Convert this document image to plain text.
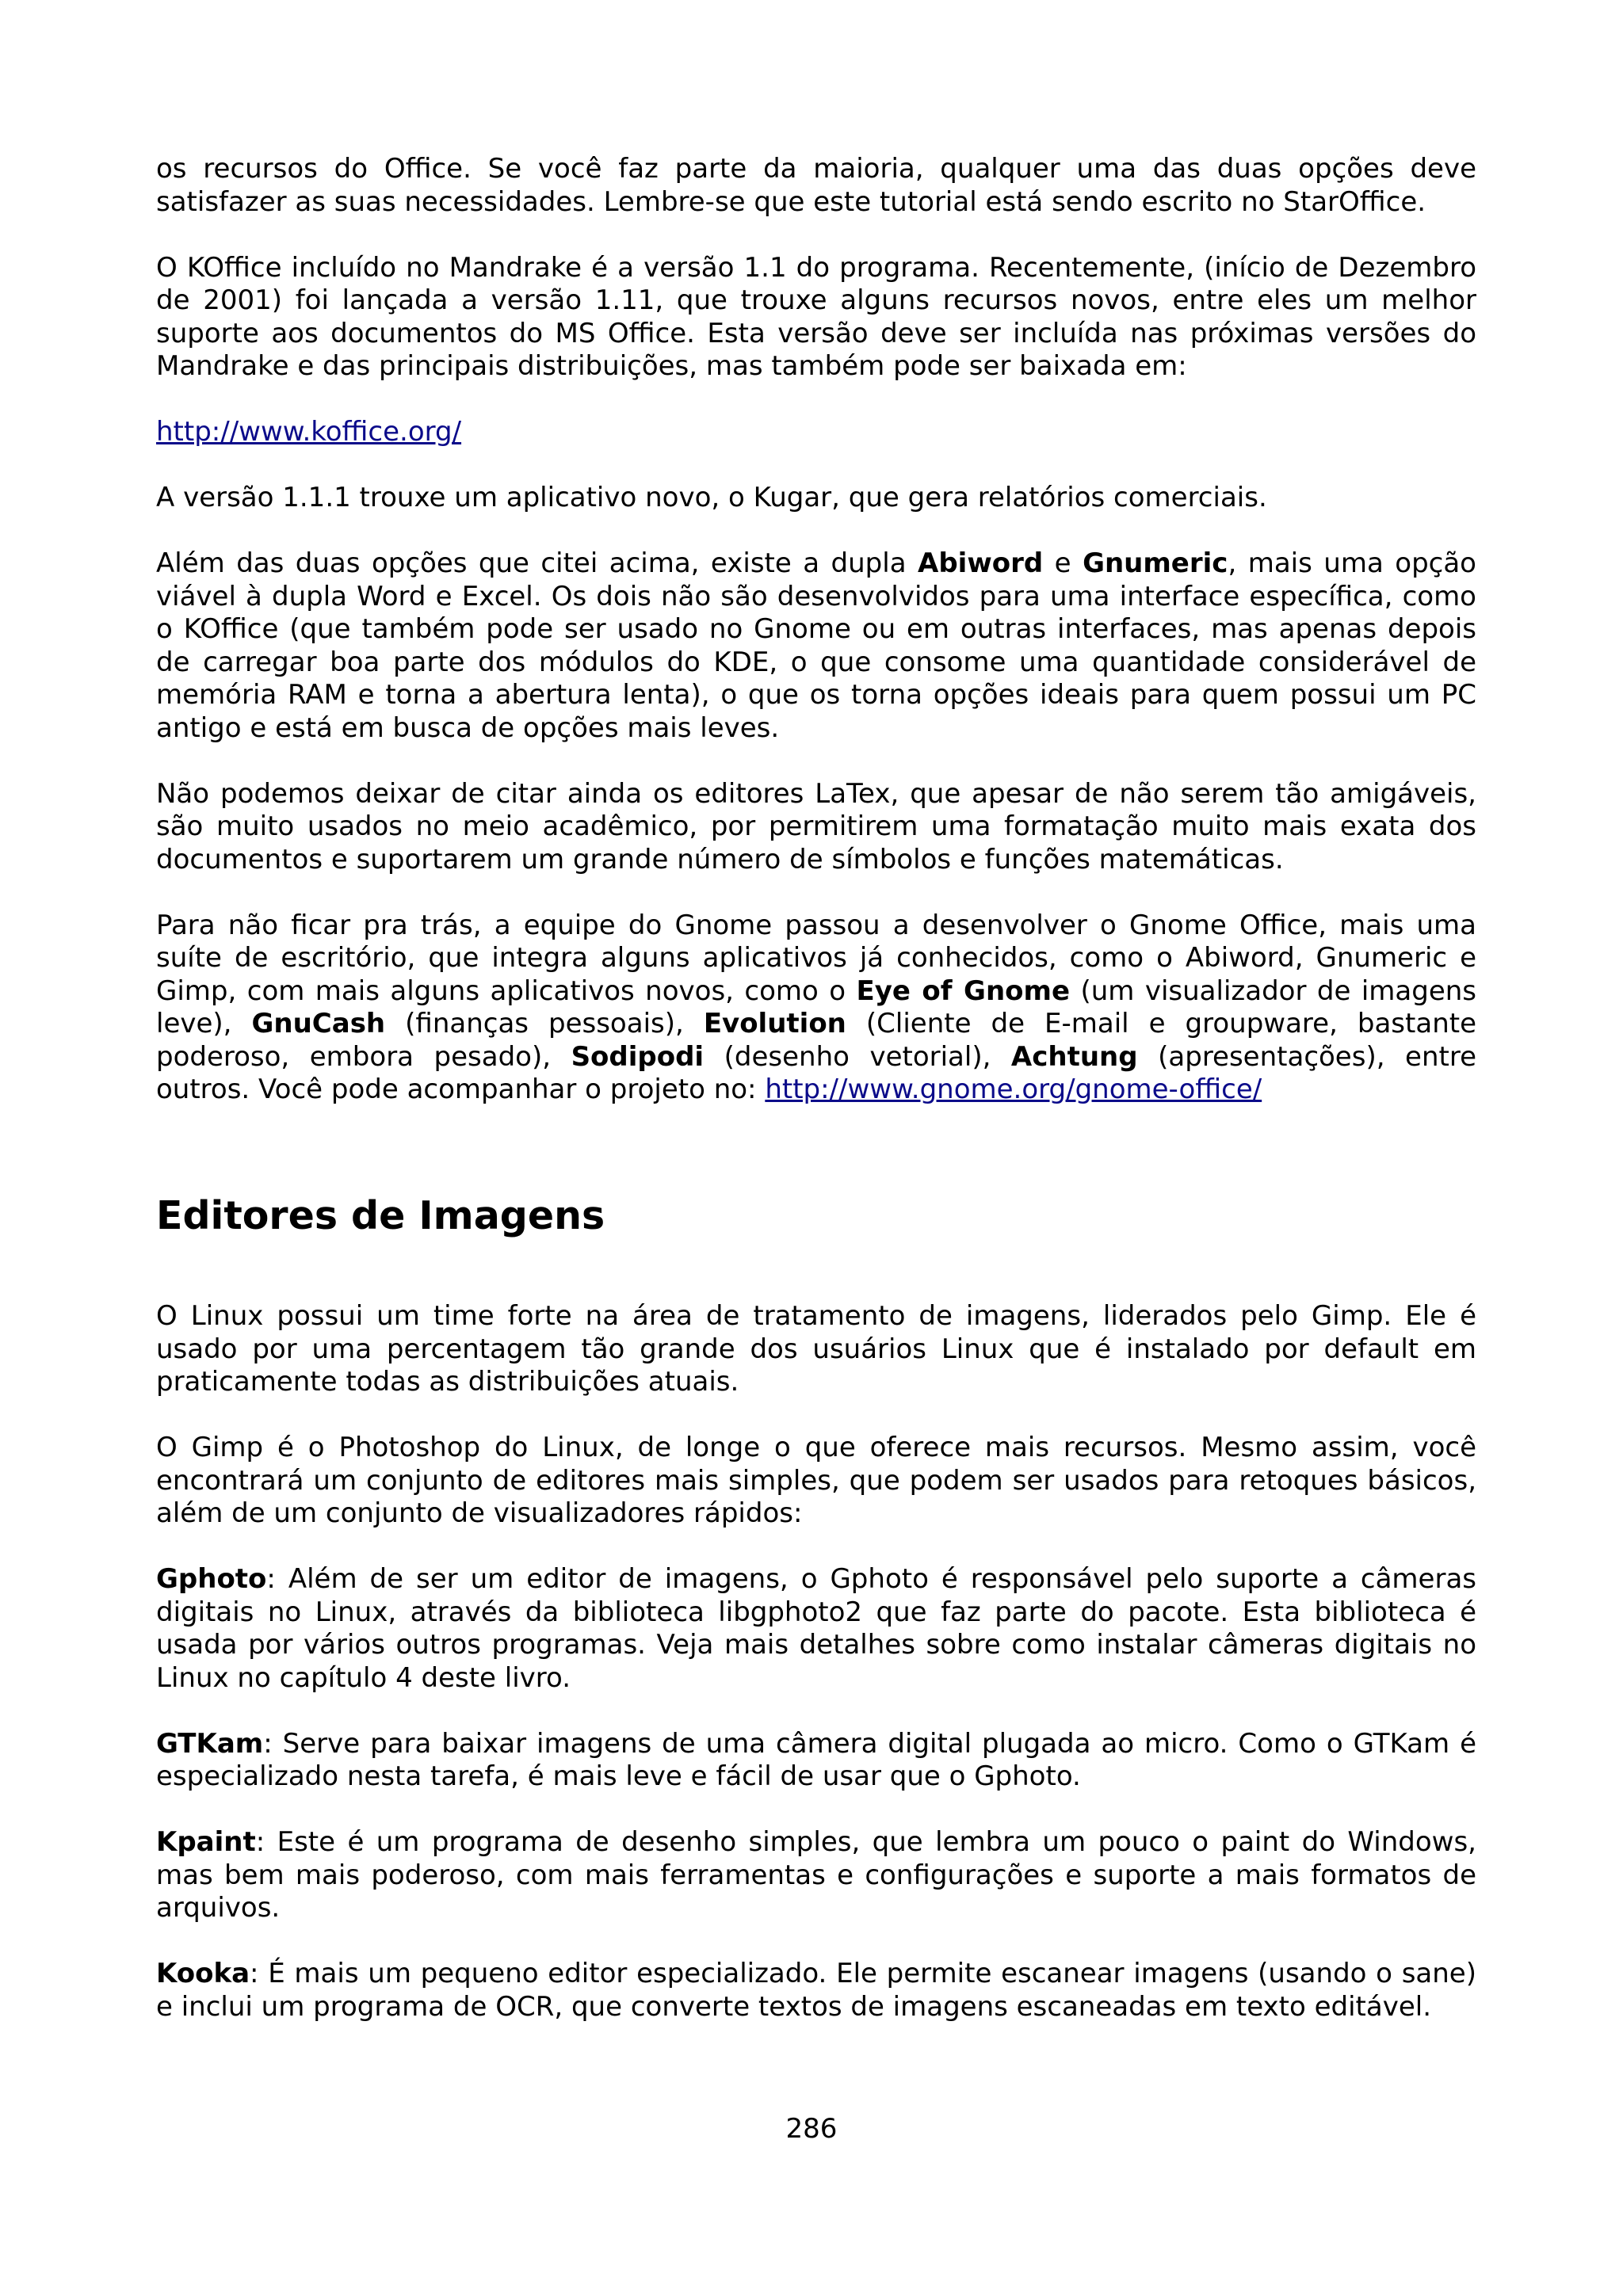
os recursos do Office. Se você faz parte da maioria, qualquer uma das duas opções deve satisfazer as suas necessidades. Lembre-se que este tutorial está sendo escrito no StarOffice.

O KOffice incluído no Mandrake é a versão 1.1 do programa. Recentemente, (início de Dezembro de 2001) foi lançada a versão 1.11, que trouxe alguns recursos novos, entre eles um melhor suporte aos documentos do MS Office. Esta versão deve ser incluída nas próximas versões do Mandrake e das principais distribuições, mas também pode ser baixada em:

http://www.koffice.org/

A versão 1.1.1 trouxe um aplicativo novo, o Kugar, que gera relatórios comerciais.

Além das duas opções que citei acima, existe a dupla Abiword e Gnumeric, mais uma opção viável à dupla Word e Excel. Os dois não são desenvolvidos para uma interface específica, como o KOffice (que também pode ser usado no Gnome ou em outras interfaces, mas apenas depois de carregar boa parte dos módulos do KDE, o que consome uma quantidade considerável de memória RAM e torna a abertura lenta), o que os torna opções ideais para quem possui um PC antigo e está em busca de opções mais leves.

Não podemos deixar de citar ainda os editores LaTex, que apesar de não serem tão amigáveis, são muito usados no meio acadêmico, por permitirem uma formatação muito mais exata dos documentos e suportarem um grande número de símbolos e funções matemáticas.

Para não ficar pra trás, a equipe do Gnome passou a desenvolver o Gnome Office, mais uma suíte de escritório, que integra alguns aplicativos já conhecidos, como o Abiword, Gnumeric e Gimp, com mais alguns aplicativos novos, como o Eye of Gnome (um visualizador de imagens leve), GnuCash (finanças pessoais), Evolution (Cliente de E-mail e groupware, bastante poderoso, embora pesado), Sodipodi (desenho vetorial), Achtung (apresentações), entre outros. Você pode acompanhar o projeto no: http://www.gnome.org/gnome-office/

Editores de Imagens

O Linux possui um time forte na área de tratamento de imagens, liderados pelo Gimp. Ele é usado por uma percentagem tão grande dos usuários Linux que é instalado por default em praticamente todas as distribuições atuais.

O Gimp é o Photoshop do Linux, de longe o que oferece mais recursos. Mesmo assim, você encontrará um conjunto de editores mais simples, que podem ser usados para retoques básicos, além de um conjunto de visualizadores rápidos:

Gphoto: Além de ser um editor de imagens, o Gphoto é responsável pelo suporte a câmeras digitais no Linux, através da biblioteca libgphoto2 que faz parte do pacote. Esta biblioteca é usada por vários outros programas. Veja mais detalhes sobre como instalar câmeras digitais no Linux no capítulo 4 deste livro.

GTKam: Serve para baixar imagens de uma câmera digital plugada ao micro. Como o GTKam é especializado nesta tarefa, é mais leve e fácil de usar que o Gphoto.

Kpaint: Este é um programa de desenho simples, que lembra um pouco o paint do Windows, mas bem mais poderoso, com mais ferramentas e configurações e suporte a mais formatos de arquivos.

Kooka: É mais um pequeno editor especializado. Ele permite escanear imagens (usando o sane) e inclui um programa de OCR, que converte textos de imagens escaneadas em texto editável.

286
